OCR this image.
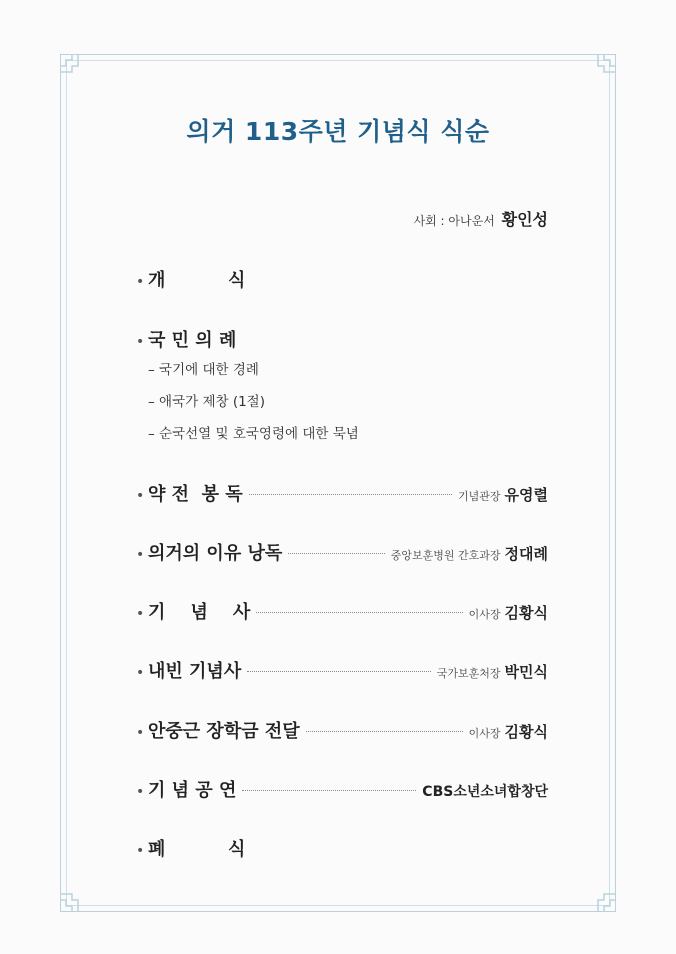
의거 113주년 기념식 식순
사회 : 아나운서 황인성
• 개          식
• 국 민 의 례
– 국기에 대한 경례
– 애국가 제창 (1절)
– 순국선열 및 호국영령에 대한 묵념
• 약 전  봉 독	기념관장 유영렬
• 의거의 이유 낭독	중앙보훈병원 간호과장 정대례
• 기    념    사	이사장 김황식
• 내빈 기념사	국가보훈처장 박민식
• 안중근 장학금 전달	이사장 김황식
• 기 념 공 연	CBS소년소녀합창단
• 폐          식
